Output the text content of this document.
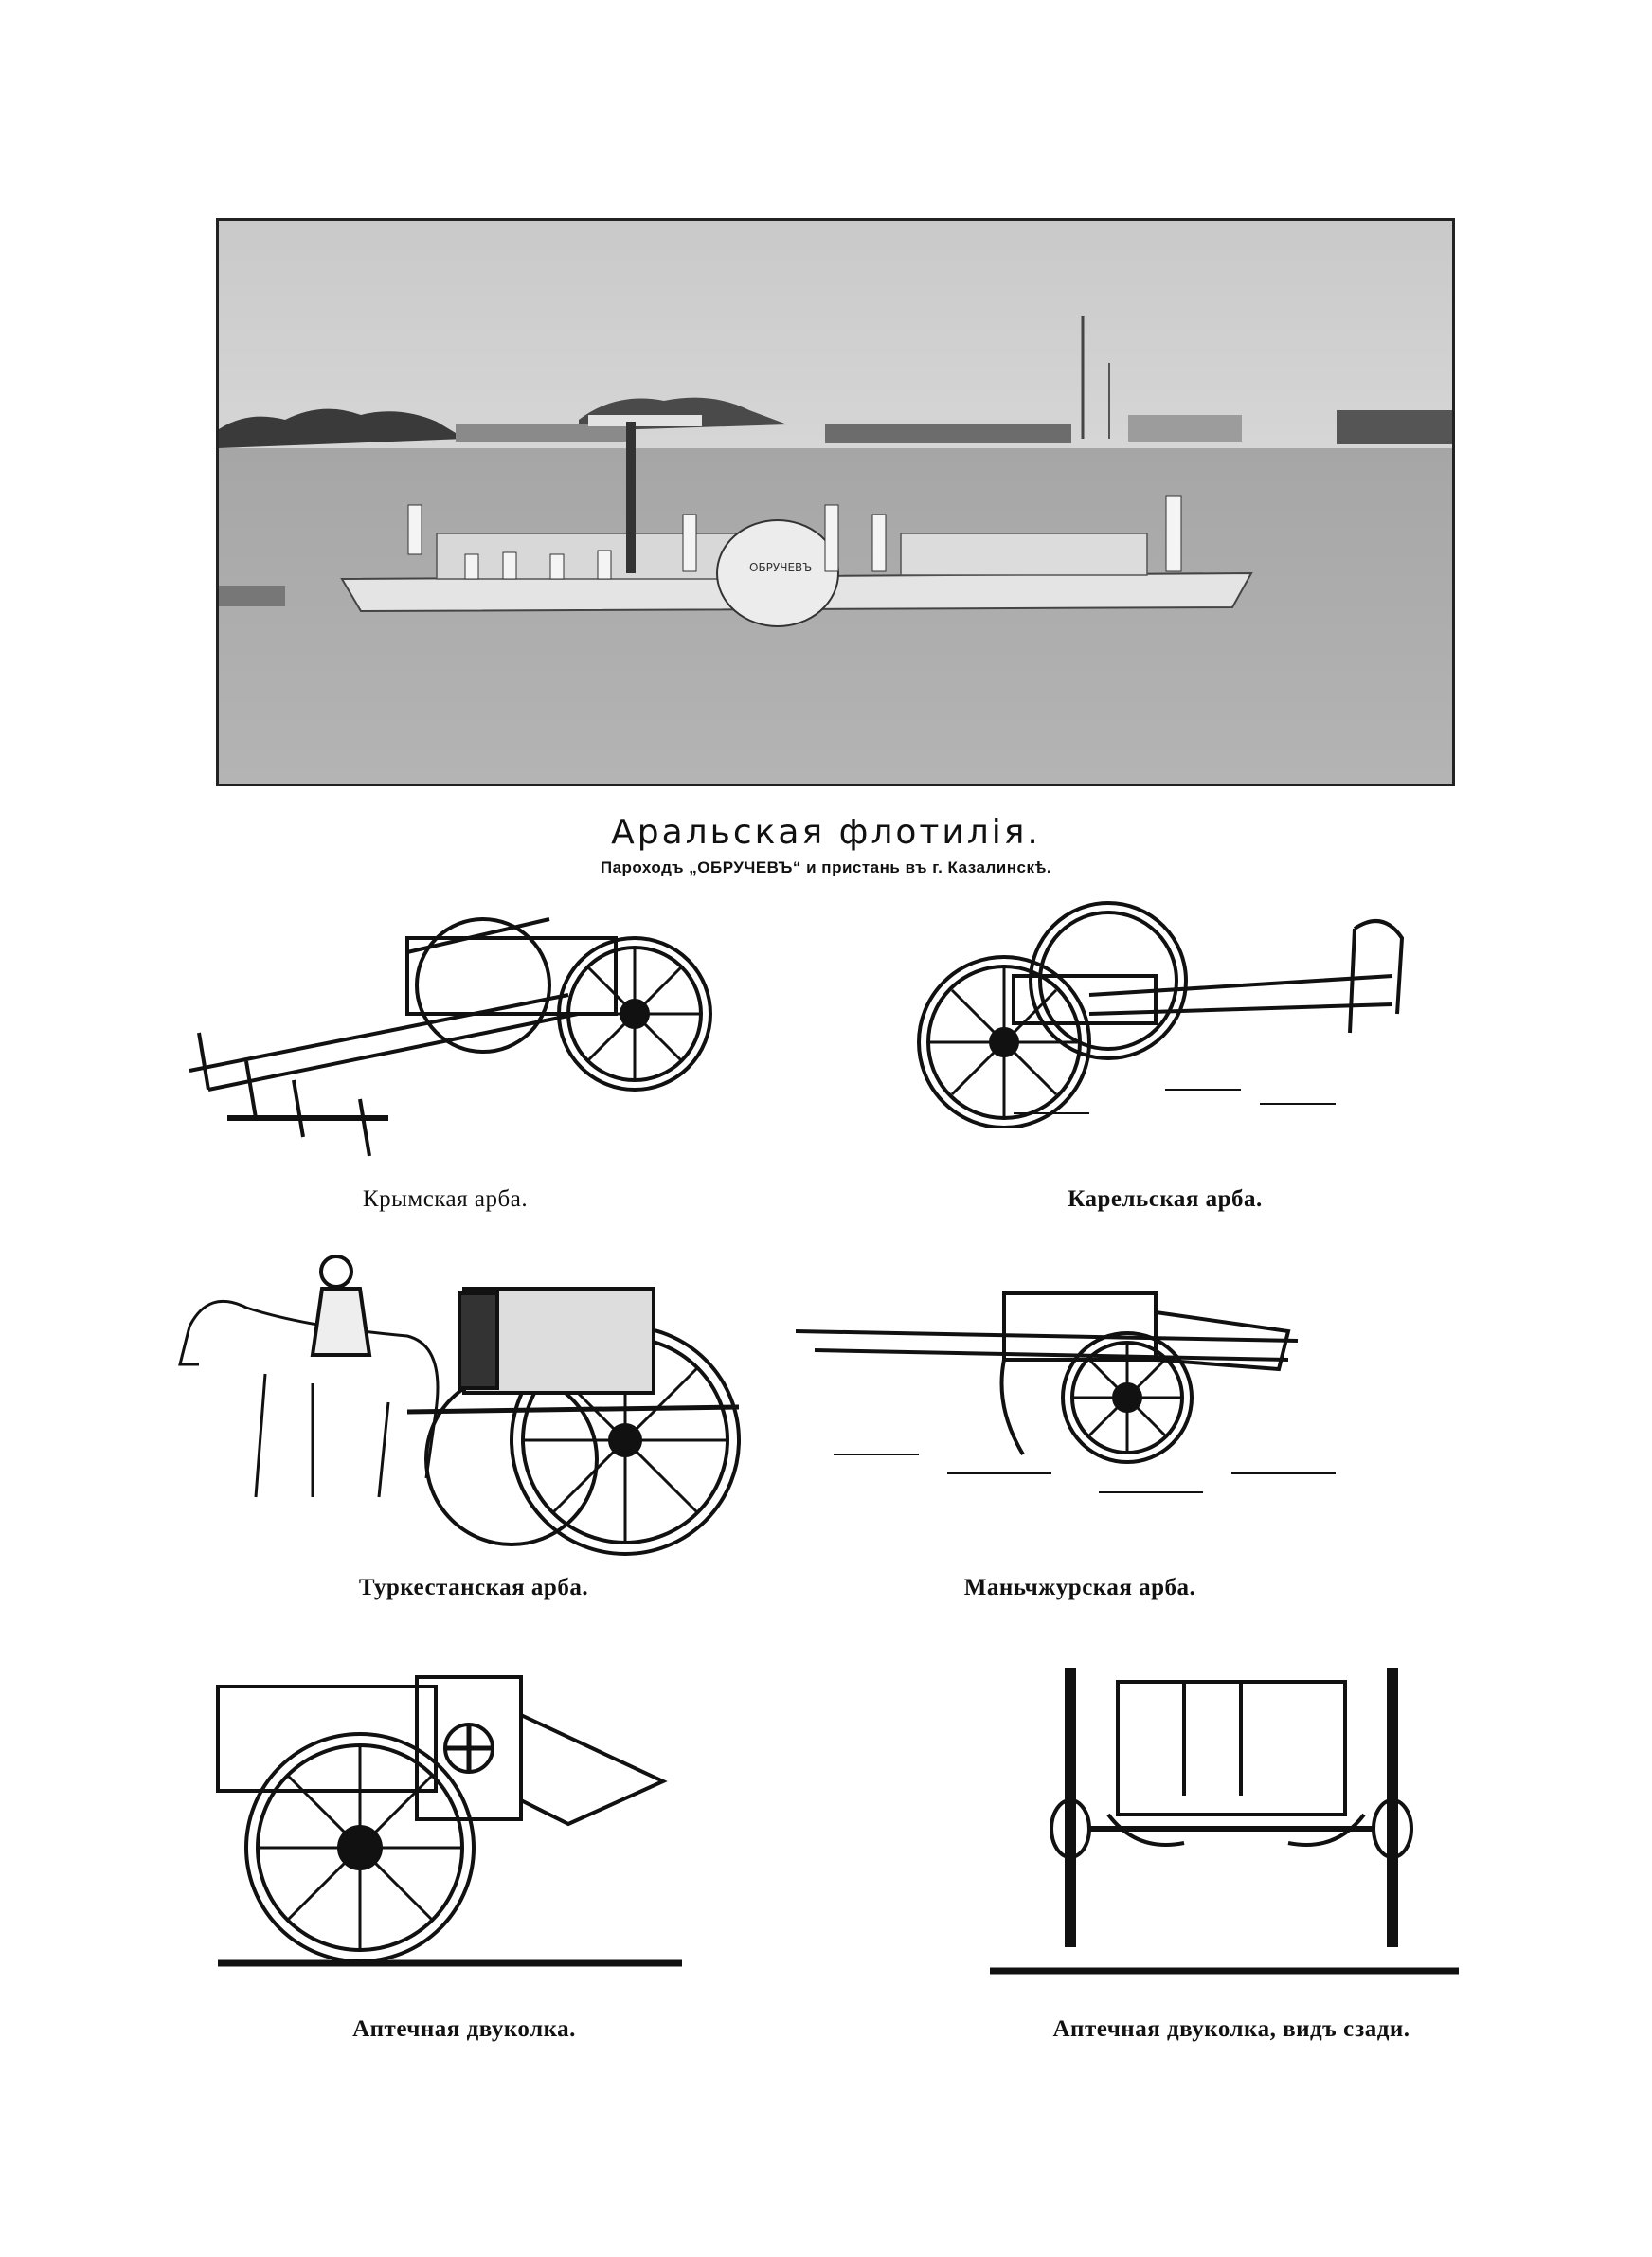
ОБРУЧЕВЪ
Аральская флотилія.
Пароходъ „ОБРУЧЕВЪ“ и пристань въ г. Казалинскѣ.
Крымская арба.	Карельская арба.
Туркестанская арба.	Маньчжурская арба.
Аптечная двуколка.	Аптечная двуколка, видъ сзади.
